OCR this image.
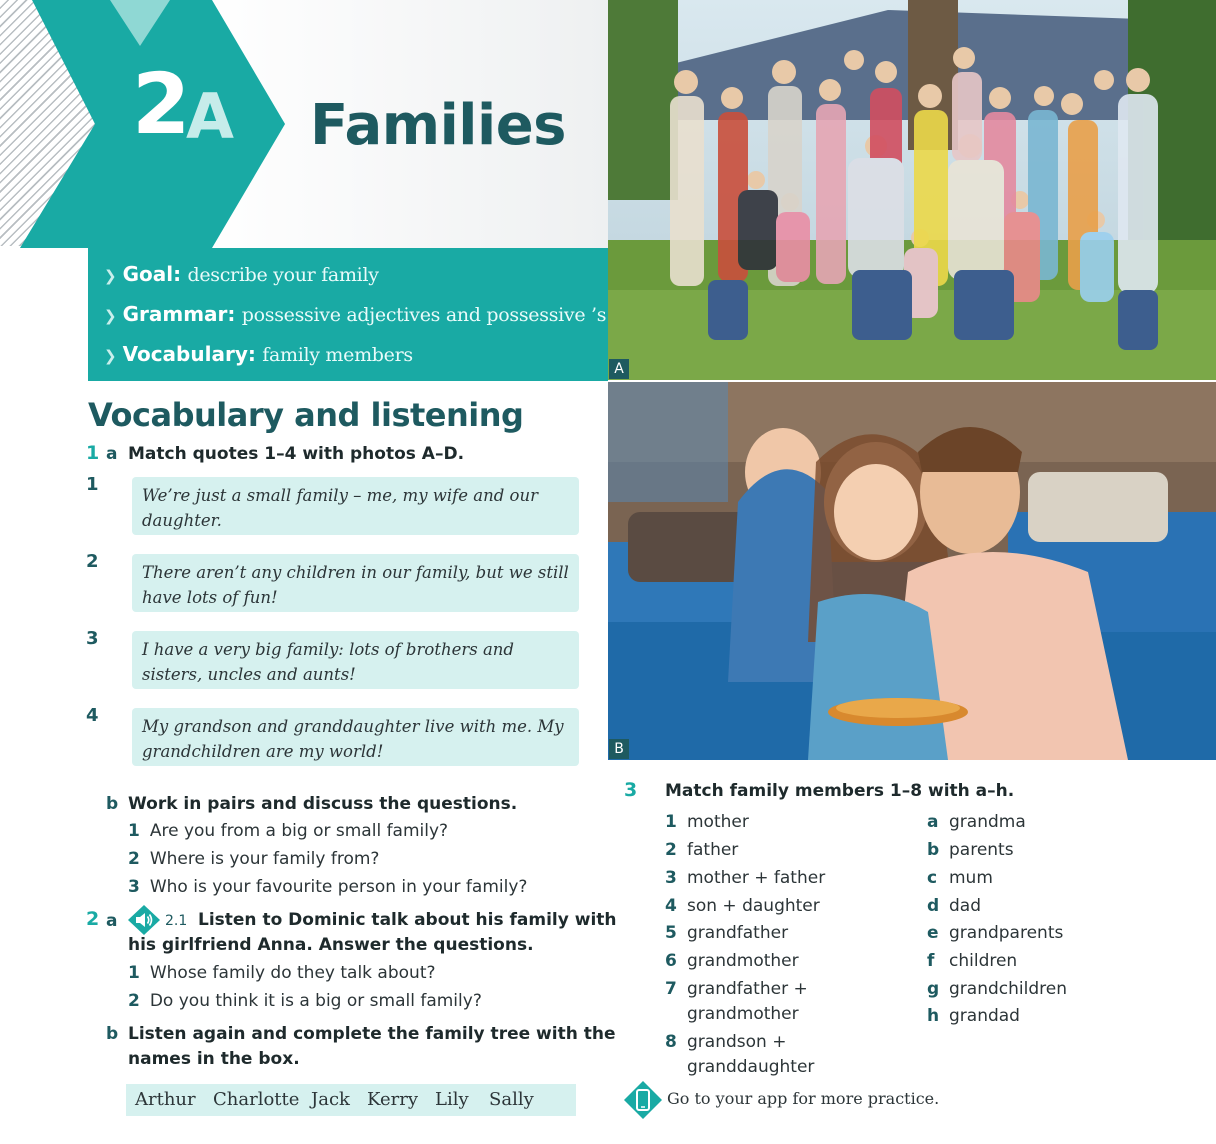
2
A Families
❯ Goal: describe your family
❯ Grammar: possessive adjectives and possessive ’s
❯ Vocabulary: family members
Vocabulary and listening
1 a Match quotes 1–4 with photos A–D.
1
We’re just a small family – me, my wife and our daughter.
2
There aren’t any children in our family, but we still have lots of fun!
3
I have a very big family: lots of brothers and sisters, uncles and aunts!
4
My grandson and granddaughter live with me. My grandchildren are my world!
b Work in pairs and discuss the questions.
1 Are you from a big or small family?
2 Where is your family from?
3 Who is your favourite person in your family?
2 a	2.1 Listen to Dominic talk about his family with
his girlfriend Anna. Answer the questions.
1 Whose family do they talk about?
2 Do you think it is a big or small family?
b Listen again and complete the family tree with the
names in the box.
Arthur Charlotte Jack Kerry Lily Sally
A
B
3 Match family members 1–8 with a–h.
1 mother
2 father
3 mother + father
4 son + daughter
5 grandfather
6 grandmother
7 grandfather +
grandmother
8 grandson +
granddaughter
a grandma
b parents
c mum
d dad
e grandparents
f children
g grandchildren
h grandad
Go to your app for more practice.
